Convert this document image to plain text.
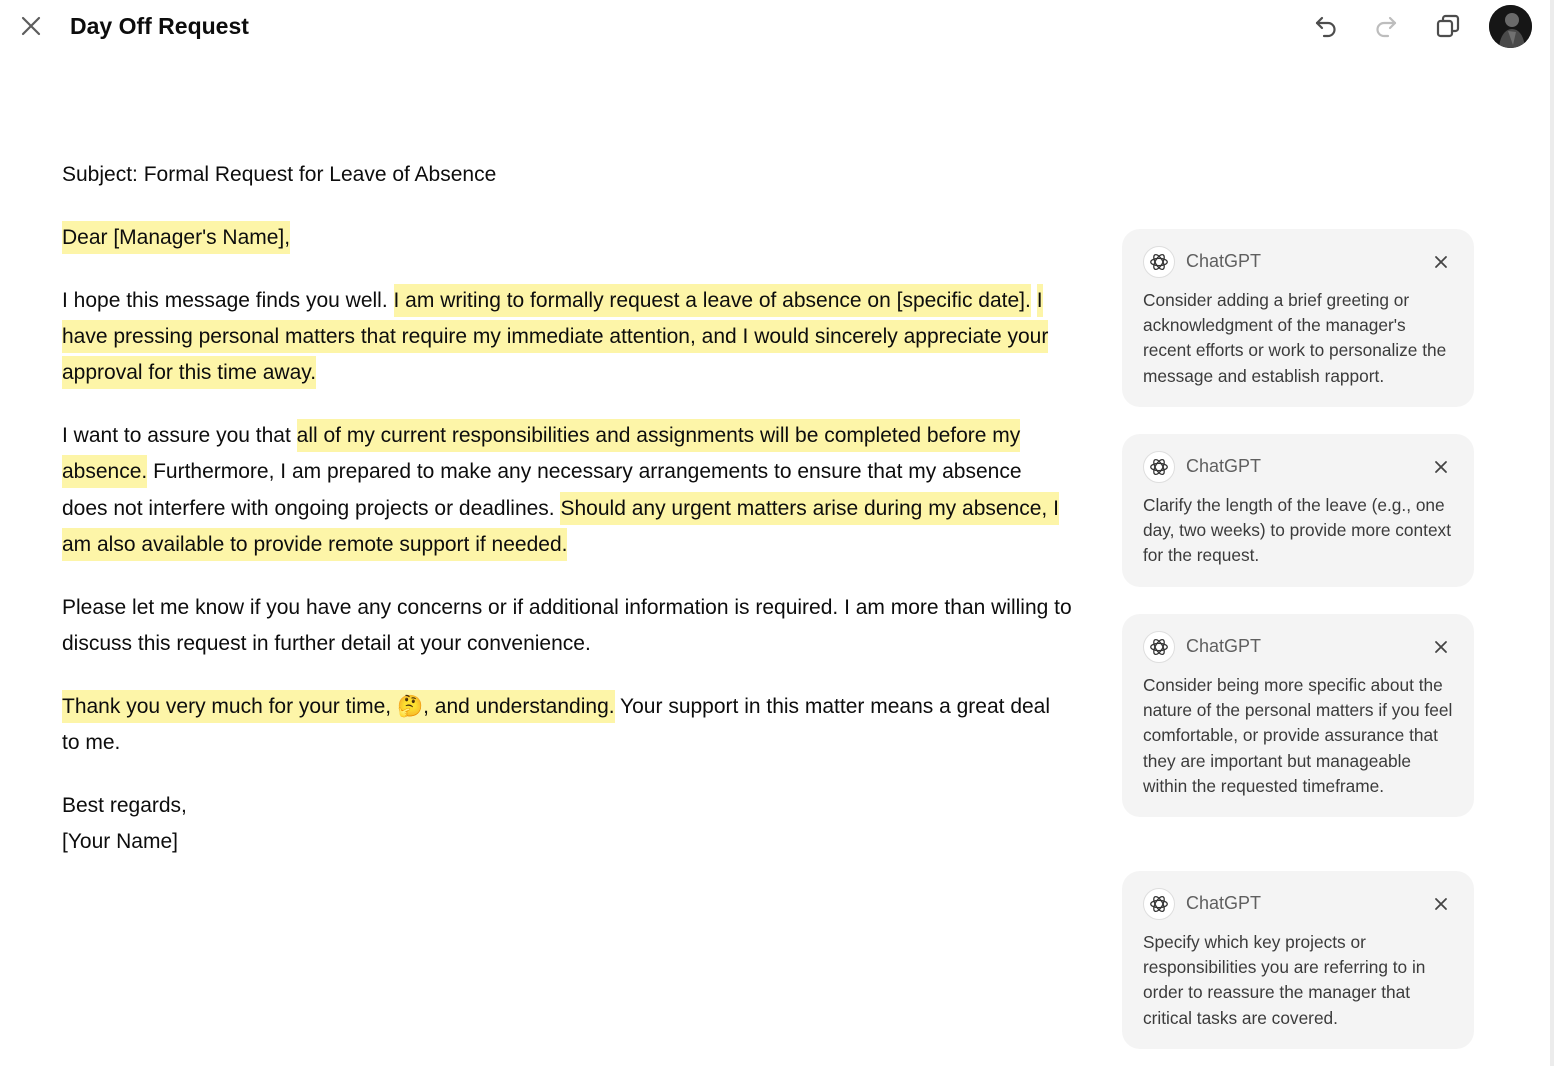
Day Off Request

Subject: Formal Request for Leave of Absence

Dear [Manager's Name],

I hope this message finds you well. I am writing to formally request a leave of absence on [specific date]. I have pressing personal matters that require my immediate attention, and I would sincerely appreciate your approval for this time away.

I want to assure you that all of my current responsibilities and assignments will be completed before my absence. Furthermore, I am prepared to make any necessary arrangements to ensure that my absence does not interfere with ongoing projects or deadlines. Should any urgent matters arise during my absence, I am also available to provide remote support if needed.

Please let me know if you have any concerns or if additional information is required. I am more than willing to discuss this request in further detail at your convenience.

Thank you very much for your time, 🤔, and understanding. Your support in this matter means a great deal to me.

Best regards,
[Your Name]

ChatGPT
Consider adding a brief greeting or acknowledgment of the manager's recent efforts or work to personalize the message and establish rapport.
ChatGPT
Clarify the length of the leave (e.g., one day, two weeks) to provide more context for the request.
ChatGPT
Consider being more specific about the nature of the personal matters if you feel comfortable, or provide assurance that they are important but manageable within the requested timeframe.
ChatGPT
Specify which key projects or responsibilities you are referring to in order to reassure the manager that critical tasks are covered.
